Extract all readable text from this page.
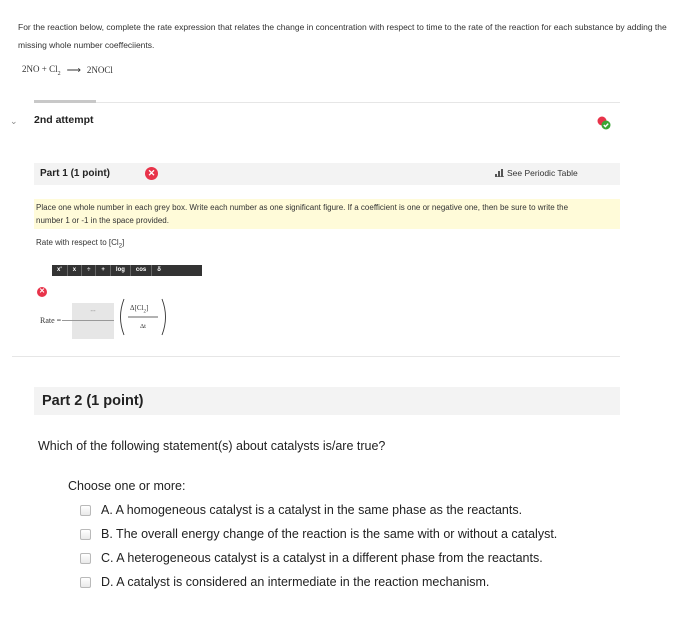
For the reaction below, complete the rate expression that relates the change in concentration with respect to time to the rate of the reaction for each substance by adding the missing whole number coeffeciients.
$2NO + Cl_2$ ⟶ 2NOCl
⌄ 2nd attempt
Part 1 (1 point)	✕	See Periodic Table
Place one whole number in each grey box. Write each number as one significant figure. If a coefficient is one or negative one, then be sure to write the number 1 or -1 in the space provided.
Rate with respect to $[Cl_2]$
x'	x	÷	+	log	cos	δ
✕
Rate =
--	$\Delta[Cl_2]$
Δt
Part 2 (1 point)
Which of the following statement(s) about catalysts is/are true?
Choose one or more:
A. A homogeneous catalyst is a catalyst in the same phase as the reactants.
B. The overall energy change of the reaction is the same with or without a catalyst.
C. A heterogeneous catalyst is a catalyst in a different phase from the reactants.
D. A catalyst is considered an intermediate in the reaction mechanism.
